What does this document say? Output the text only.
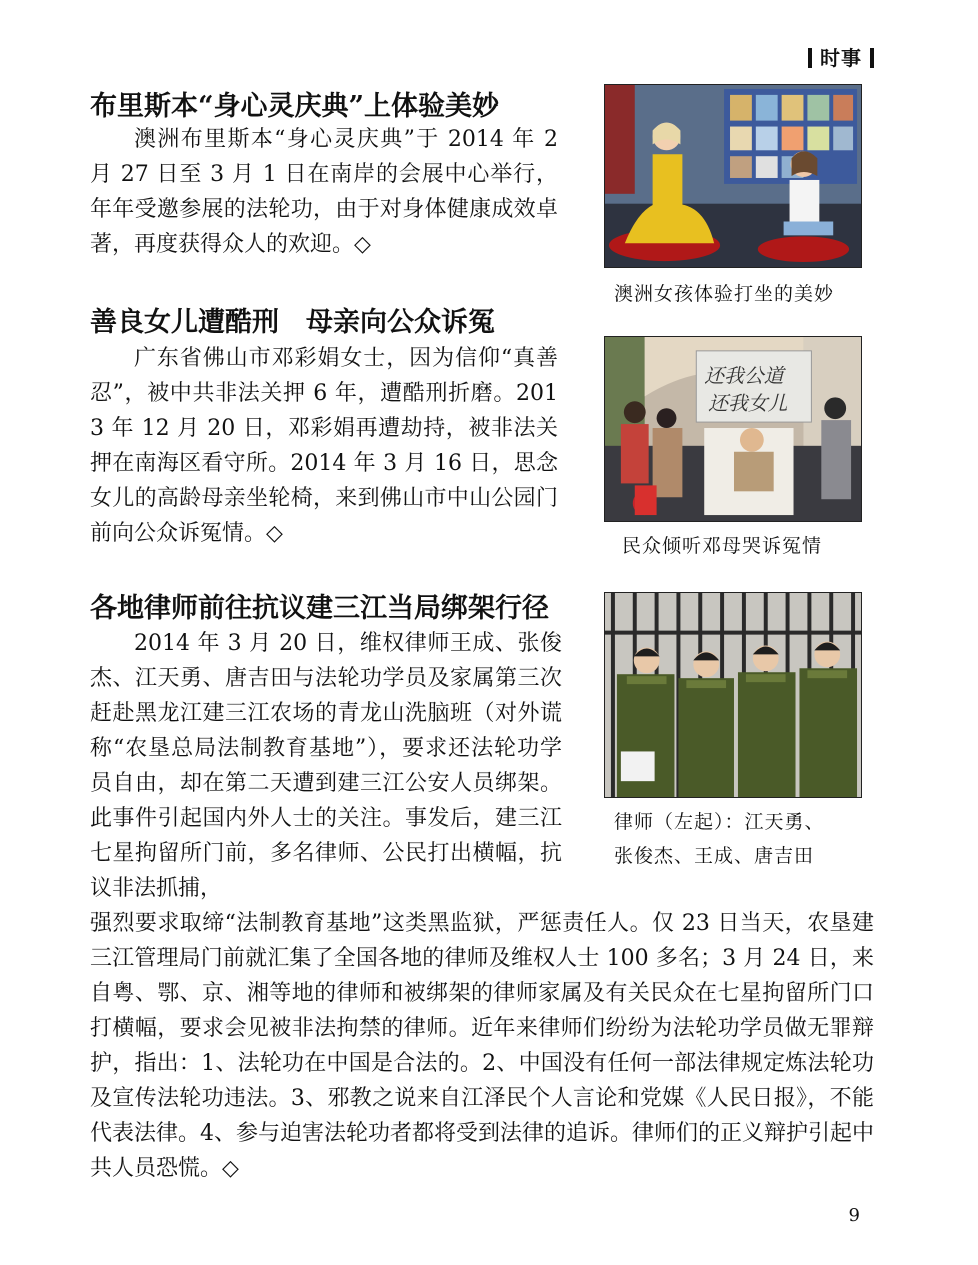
时事
布里斯本“身心灵庆典”上体验美妙

澳洲布里斯本“身心灵庆典”于 2014 年 2 月 27 日至 3 月 1 日在南岸的会展中心举行，年年受邀参展的法轮功，由于对身体健康成效卓著，再度获得众人的欢迎。◇

澳洲女孩体验打坐的美妙

善良女儿遭酷刑　母亲向公众诉冤

广东省佛山市邓彩娟女士，因为信仰“真善忍”，被中共非法关押 6 年，遭酷刑折磨。2013 年 12 月 20 日，邓彩娟再遭劫持，被非法关押在南海区看守所。2014 年 3 月 16 日，思念女儿的高龄母亲坐轮椅，来到佛山市中山公园门前向公众诉冤情。◇

还我公道
还我女儿

民众倾听邓母哭诉冤情

各地律师前往抗议建三江当局绑架行径

2014 年 3 月 20 日，维权律师王成、张俊杰、江天勇、唐吉田与法轮功学员及家属第三次赶赴黑龙江建三江农场的青龙山洗脑班（对外谎称“农垦总局法制教育基地”），要求还法轮功学员自由，却在第二天遭到建三江公安人员绑架。此事件引起国内外人士的关注。事发后，建三江七星拘留所门前，多名律师、公民打出横幅，抗议非法抓捕，

律师（左起）：江天勇、

张俊杰、王成、唐吉田

强烈要求取缔“法制教育基地”这类黑监狱，严惩责任人。仅 23 日当天，农垦建三江管理局门前就汇集了全国各地的律师及维权人士 100 多名；3 月 24 日，来自粤、鄂、京、湘等地的律师和被绑架的律师家属及有关民众在七星拘留所门口打横幅，要求会见被非法拘禁的律师。近年来律师们纷纷为法轮功学员做无罪辩护，指出：1、法轮功在中国是合法的。2、中国没有任何一部法律规定炼法轮功及宣传法轮功违法。3、邪教之说来自江泽民个人言论和党媒《人民日报》，不能代表法律。4、参与迫害法轮功者都将受到法律的追诉。律师们的正义辩护引起中共人员恐慌。◇

9
